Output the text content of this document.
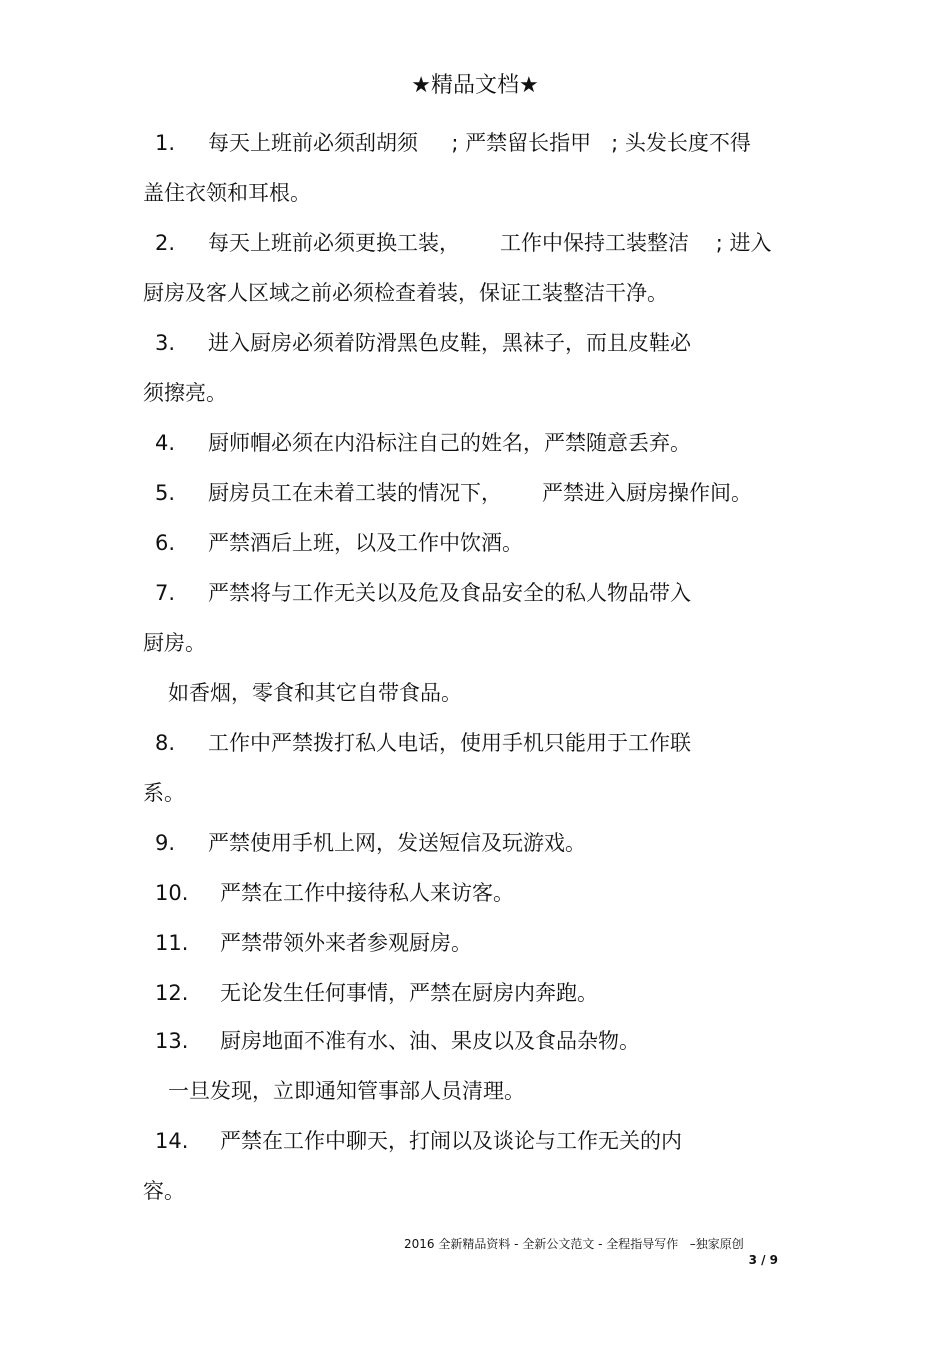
★精品文档★
1.	每天上班前必须刮胡须     ; 严禁留长指甲   ; 头发长度不得
盖住衣领和耳根。
2.	每天上班前必须更换工装，      工作中保持工装整洁    ; 进入
厨房及客人区域之前必须检查着装，保证工装整洁干净。
3.	进入厨房必须着防滑黑色皮鞋，黑袜子，而且皮鞋必
须擦亮。
4.	厨师帽必须在内沿标注自己的姓名，严禁随意丢弃。
5.	厨房员工在未着工装的情况下，      严禁进入厨房操作间。
6.	严禁酒后上班，以及工作中饮酒。
7.	严禁将与工作无关以及危及食品安全的私人物品带入
厨房。
如香烟，零食和其它自带食品。
8.	工作中严禁拨打私人电话，使用手机只能用于工作联
系。
9.	严禁使用手机上网，发送短信及玩游戏。
10.	严禁在工作中接待私人来访客。
11.	严禁带领外来者参观厨房。
12.	无论发生任何事情，严禁在厨房内奔跑。
13.	厨房地面不准有水、油、果皮以及食品杂物。
一旦发现，立即通知管事部人员清理。
14.	严禁在工作中聊天，打闹以及谈论与工作无关的内
容。
2016 全新精品资料 - 全新公文范文 - 全程指导写作   –独家原创
3 / 9
